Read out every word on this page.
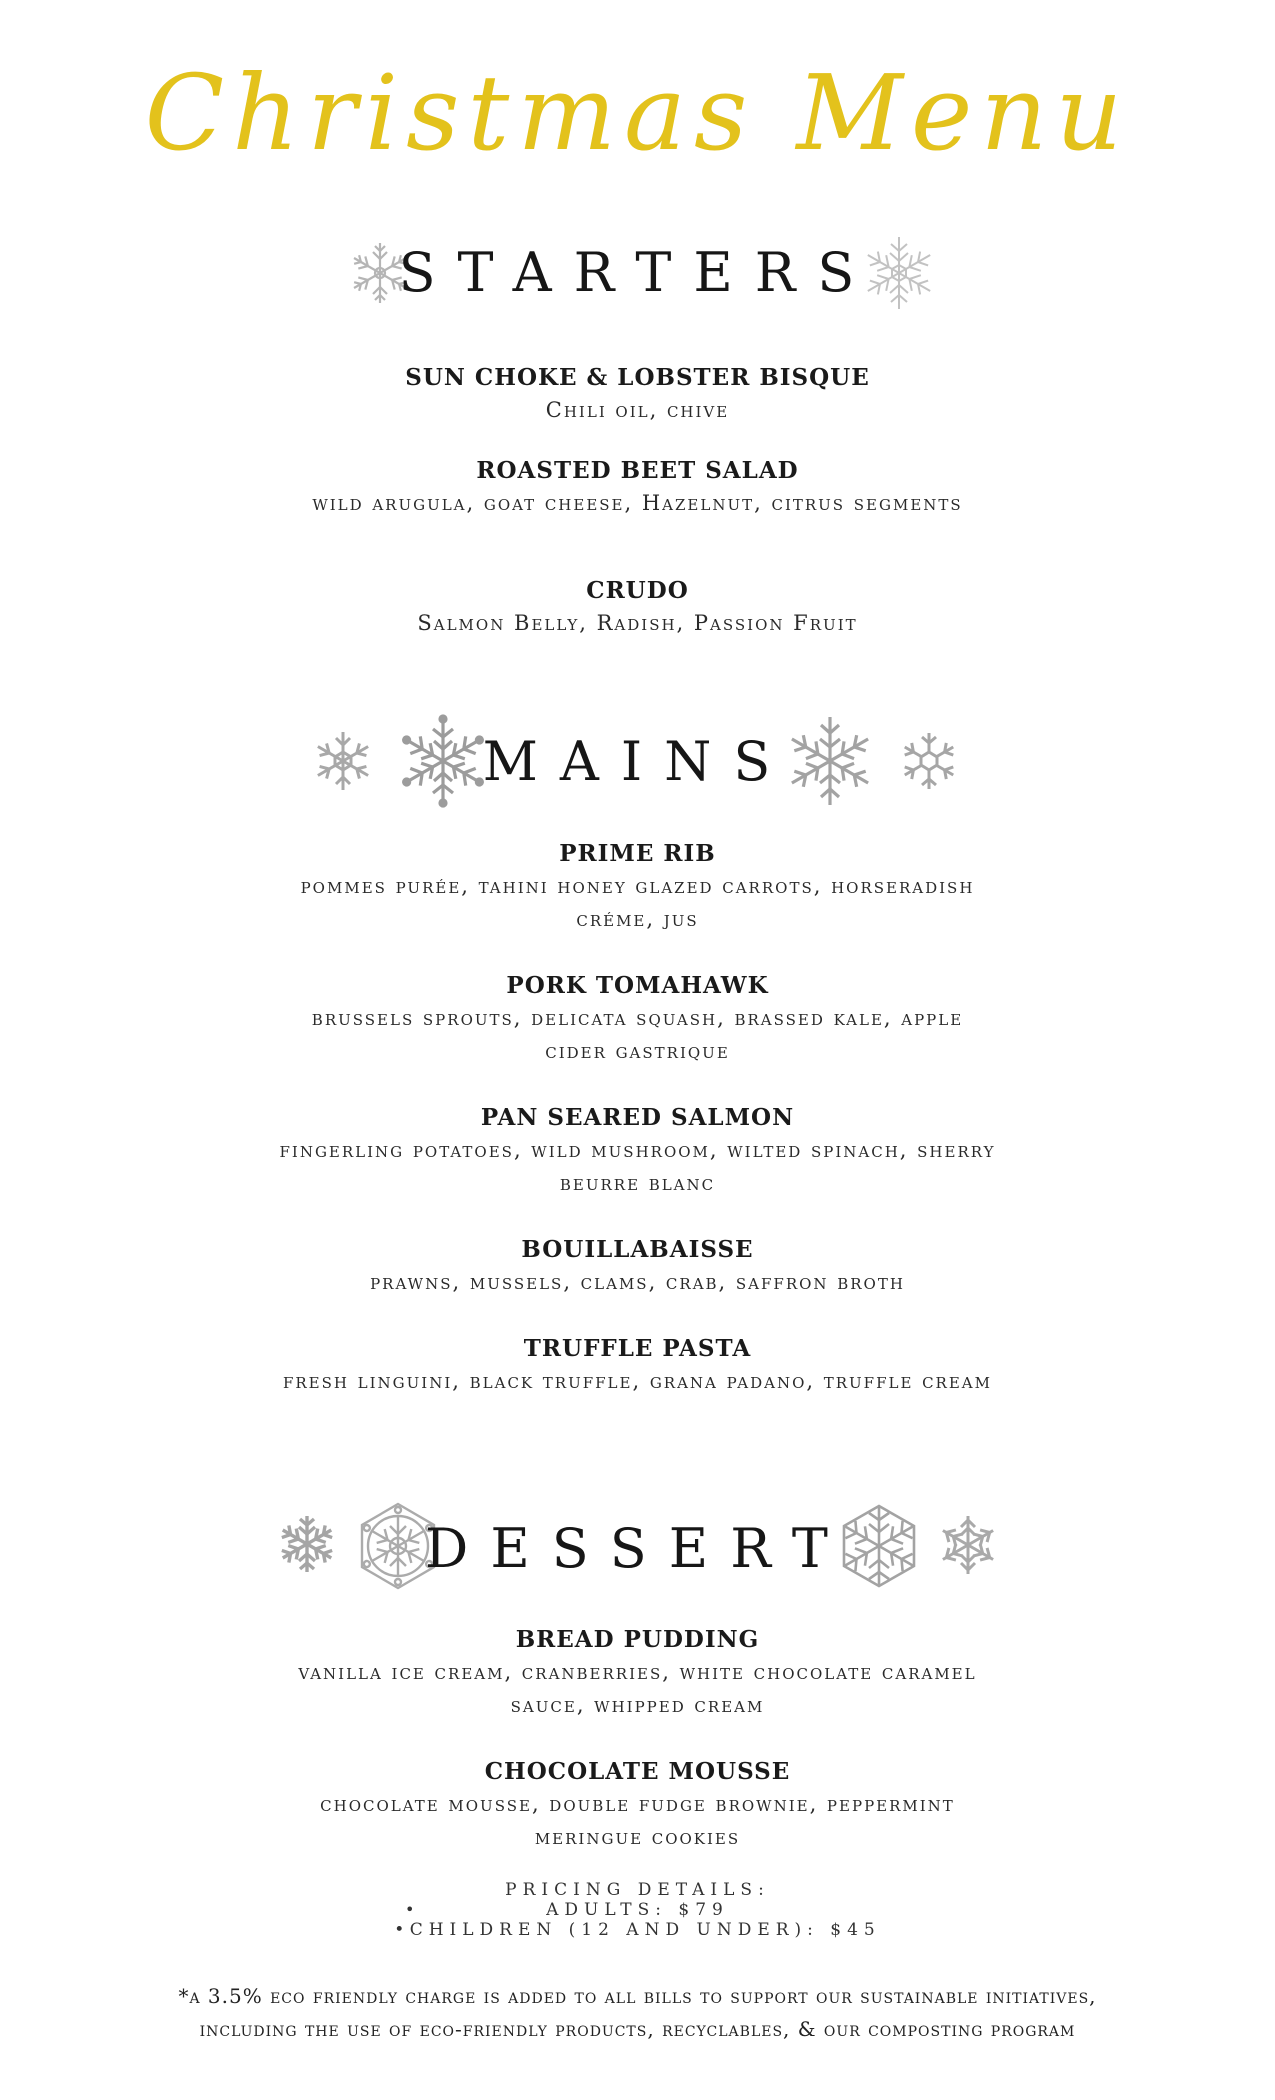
Christmas Menu
STARTERS
SUN CHOKE & LOBSTER BISQUE
Chili oil, chive
ROASTED BEET SALAD
wild arugula, goat cheese, Hazelnut, citrus segments
CRUDO
Salmon Belly, Radish, Passion Fruit
MAINS
PRIME RIB
pommes purée, tahini honey glazed carrots, horseradish créme, jus
PORK TOMAHAWK
brussels sprouts, delicata squash, brassed kale, apple cider gastrique
PAN SEARED SALMON
fingerling potatoes, wild mushroom, wilted spinach, sherry beurre blanc
BOUILLABAISSE
prawns, mussels, clams, crab, saffron broth
TRUFFLE PASTA
fresh linguini, black truffle, grana padano, truffle cream
DESSERT
BREAD PUDDING
vanilla ice cream, cranberries, white chocolate caramel sauce, whipped cream
CHOCOLATE MOUSSE
chocolate mousse, double fudge brownie, peppermint meringue cookies
PRICING DETAILS:
•	ADULTS: $79
• CHILDREN (12 AND UNDER): $45
*a 3.5% eco friendly charge is added to all bills to support our sustainable initiatives,
including the use of eco-friendly products, recyclables, & our composting program
